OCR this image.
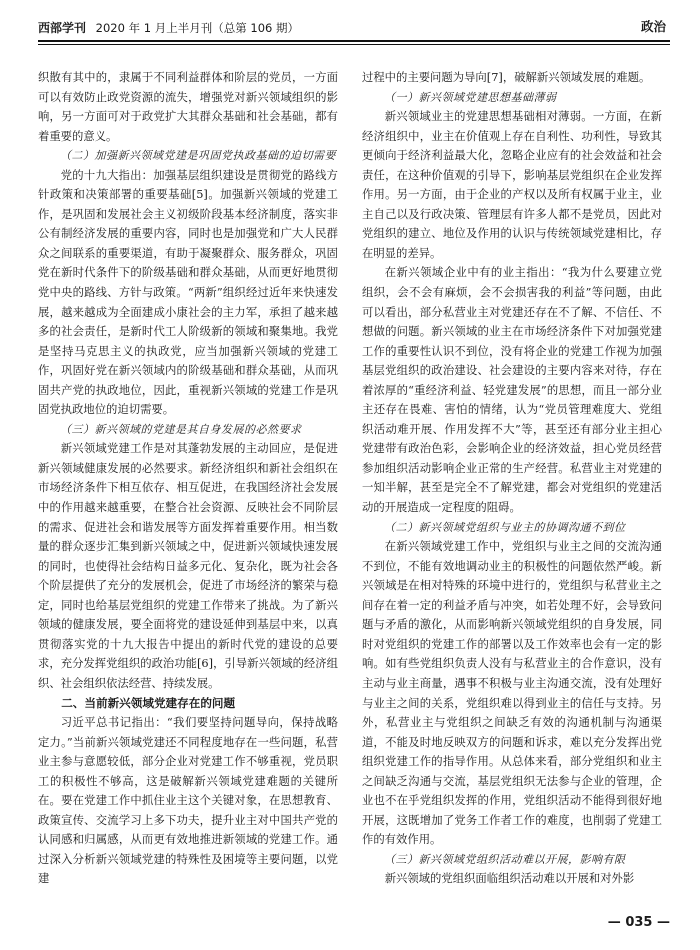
西部学刊 2020 年 1 月上半月刊（总第 106 期）	政治

织散有其中的，隶属于不同利益群体和阶层的党员，一方面可以有效防止政党资源的流失，增强党对新兴领域组织的影响，另一方面可对于政党扩大其群众基础和社会基础，都有着重要的意义。

（二）加强新兴领域党建是巩固党执政基础的迫切需要

党的十九大指出：加强基层组织建设是贯彻党的路线方针政策和决策部署的重要基础[5]。加强新兴领域的党建工作，是巩固和发展社会主义初级阶段基本经济制度，落实非公有制经济发展的重要内容，同时也是加强党和广大人民群众之间联系的重要渠道，有助于凝聚群众、服务群众，巩固党在新时代条件下的阶级基础和群众基础，从而更好地贯彻党中央的路线、方针与政策。“两新”组织经过近年来快速发展，越来越成为全面建成小康社会的主力军，承担了越来越多的社会责任，是新时代工人阶级新的领域和聚集地。我党是坚持马克思主义的执政党，应当加强新兴领域的党建工作，巩固好党在新兴领域内的阶级基础和群众基础，从而巩固共产党的执政地位，因此，重视新兴领域的党建工作是巩固党执政地位的迫切需要。

（三）新兴领域的党建是其自身发展的必然要求

新兴领域党建工作是对其蓬勃发展的主动回应，是促进新兴领域健康发展的必然要求。新经济组织和新社会组织在市场经济条件下相互依存、相互促进，在我国经济社会发展中的作用越来越重要，在整合社会资源、反映社会不同阶层的需求、促进社会和谐发展等方面发挥着重要作用。相当数量的群众逐步汇集到新兴领域之中，促进新兴领域快速发展的同时，也使得社会结构日益多元化、复杂化，既为社会各个阶层提供了充分的发展机会，促进了市场经济的繁荣与稳定，同时也给基层党组织的党建工作带来了挑战。为了新兴领域的健康发展，要全面将党的建设延伸到基层中来，以真贯彻落实党的十九大报告中提出的新时代党的建设的总要求，充分发挥党组织的政治功能[6]，引导新兴领域的经济组织、社会组织依法经营、持续发展。

二、当前新兴领域党建存在的问题

习近平总书记指出：“我们要坚持问题导向，保持战略定力。”当前新兴领域党建还不同程度地存在一些问题，私营业主参与意愿较低，部分企业对党建工作不够重视，党员职工的积极性不够高，这是破解新兴领域党建难题的关键所在。要在党建工作中抓住业主这个关键对象，在思想教育、政策宣传、交流学习上多下功夫，提升业主对中国共产党的认同感和归属感，从而更有效地推进新领域的党建工作。通过深入分析新兴领域党建的特殊性及困境等主要问题，以党建

过程中的主要问题为导向[7]，破解新兴领域发展的难题。

（一）新兴领域党建思想基础薄弱

新兴领域业主的党建思想基础相对薄弱。一方面，在新经济组织中，业主在价值观上存在自利性、功利性，导致其更倾向于经济利益最大化，忽略企业应有的社会效益和社会责任，在这种价值观的引导下，影响基层党组织在企业发挥作用。另一方面，由于企业的产权以及所有权属于业主，业主自己以及行政决策、管理层有许多人都不是党员，因此对党组织的建立、地位及作用的认识与传统领域党建相比，存在明显的差异。

在新兴领域企业中有的业主指出：“我为什么要建立党组织，会不会有麻烦，会不会损害我的利益”等问题，由此可以看出，部分私营业主对党建还存在不了解、不信任、不想做的问题。新兴领域的业主在市场经济条件下对加强党建工作的重要性认识不到位，没有将企业的党建工作视为加强基层党组织的政治建设、社会建设的主要内容来对待，存在着浓厚的“重经济利益、轻党建发展”的思想，而且一部分业主还存在畏难、害怕的情绪，认为“党员管理难度大、党组织活动难开展、作用发挥不大”等，甚至还有部分业主担心党建带有政治色彩，会影响企业的经济效益，担心党员经营参加组织活动影响企业正常的生产经营。私营业主对党建的一知半解，甚至是完全不了解党建，都会对党组织的党建活动的开展造成一定程度的阻碍。

（二）新兴领域党组织与业主的协调沟通不到位

在新兴领域党建工作中，党组织与业主之间的交流沟通不到位，不能有效地调动业主的积极性的问题依然严峻。新兴领域是在相对特殊的环境中进行的，党组织与私营业主之间存在着一定的利益矛盾与冲突，如若处理不好，会导致问题与矛盾的激化，从而影响新兴领域党组织的自身发展，同时对党组织的党建工作的部署以及工作效率也会有一定的影响。如有些党组织负责人没有与私营业主的合作意识，没有主动与业主商量，遇事不积极与业主沟通交流，没有处理好与业主之间的关系，党组织难以得到业主的信任与支持。另外，私营业主与党组织之间缺乏有效的沟通机制与沟通渠道，不能及时地反映双方的问题和诉求，难以充分发挥出党组织党建工作的指导作用。从总体来看，部分党组织和业主之间缺乏沟通与交流，基层党组织无法参与企业的管理，企业也不在乎党组织发挥的作用，党组织活动不能得到很好地开展，这既增加了党务工作者工作的难度，也削弱了党建工作的有效作用。

（三）新兴领域党组织活动难以开展，影响有限

新兴领域的党组织面临组织活动难以开展和对外影

— 035 —
